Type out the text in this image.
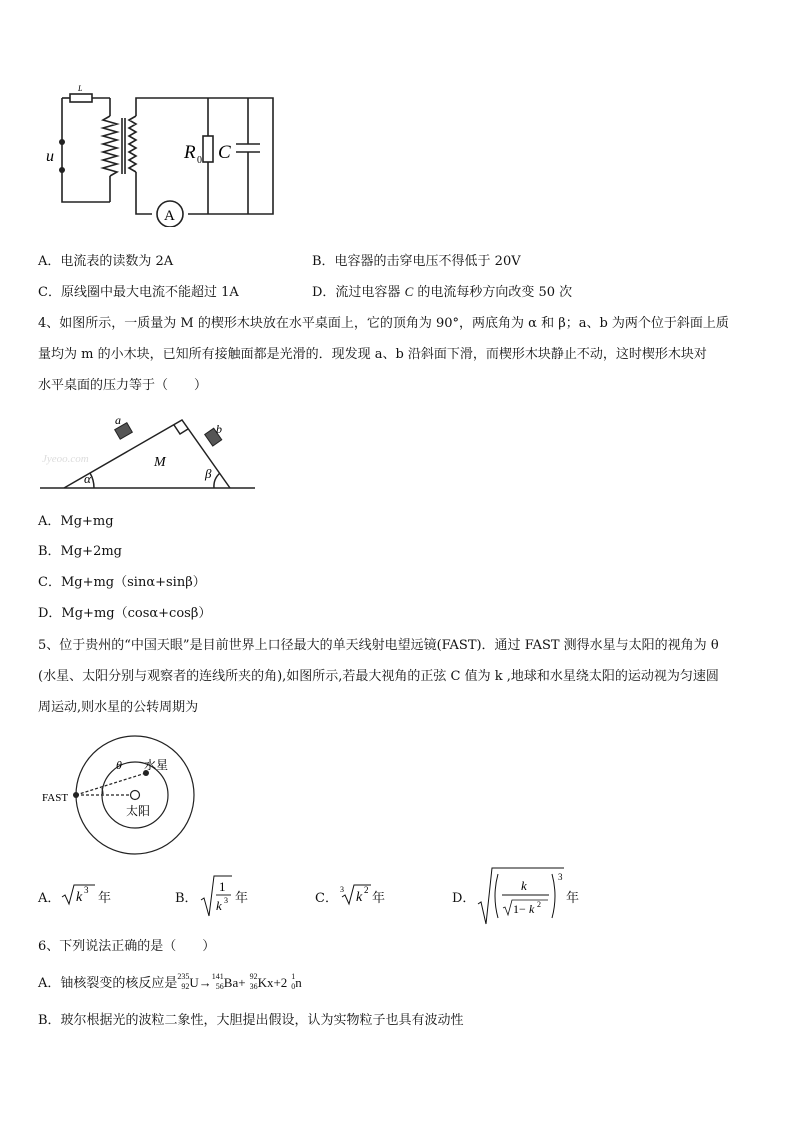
L
u	R 0 C
A
A．电流表的读数为 2A	B．电容器的击穿电压不得低于 20V
C．原线圈中最大电流不能超过 1A	D．流过电容器 C 的电流每秒方向改变 50 次
4、如图所示，一质量为 M 的楔形木块放在水平桌面上，它的顶角为 90°，两底角为 α 和 β；a、b 为两个位于斜面上质
量均为 m 的小木块，已知所有接触面都是光滑的．现发现 a、b 沿斜面下滑，而楔形木块静止不动，这时楔形木块对
水平桌面的压力等于（　　）
Jyeoo.com
a
b
M
α	β
A．Mg+mg
B．Mg+2mg
C．Mg+mg（sinα+sinβ）
D．Mg+mg（cosα+cosβ）
5、位于贵州的“中国天眼”是目前世界上口径最大的单天线射电望远镜(FAST)．通过 FAST 测得水星与太阳的视角为 θ
(水星、太阳分别与观察者的连线所夹的角),如图所示,若最大视角的正弦 C 值为 k ,地球和水星绕太阳的运动视为匀速圆
周运动,则水星的公转周期为
FAST
θ 水星
太阳
A． k 3
年	B．
1
k 3 年	C．
3
k 2
年	D．
3
k
1− k 2 年
6、下列说法正确的是（　　）
A．铀核裂变的核反应是 235
92 U→ 141
56 Ba+ 92
36 Kx+2 1
0 n
B．玻尔根据光的波粒二象性，大胆提出假设，认为实物粒子也具有波动性
